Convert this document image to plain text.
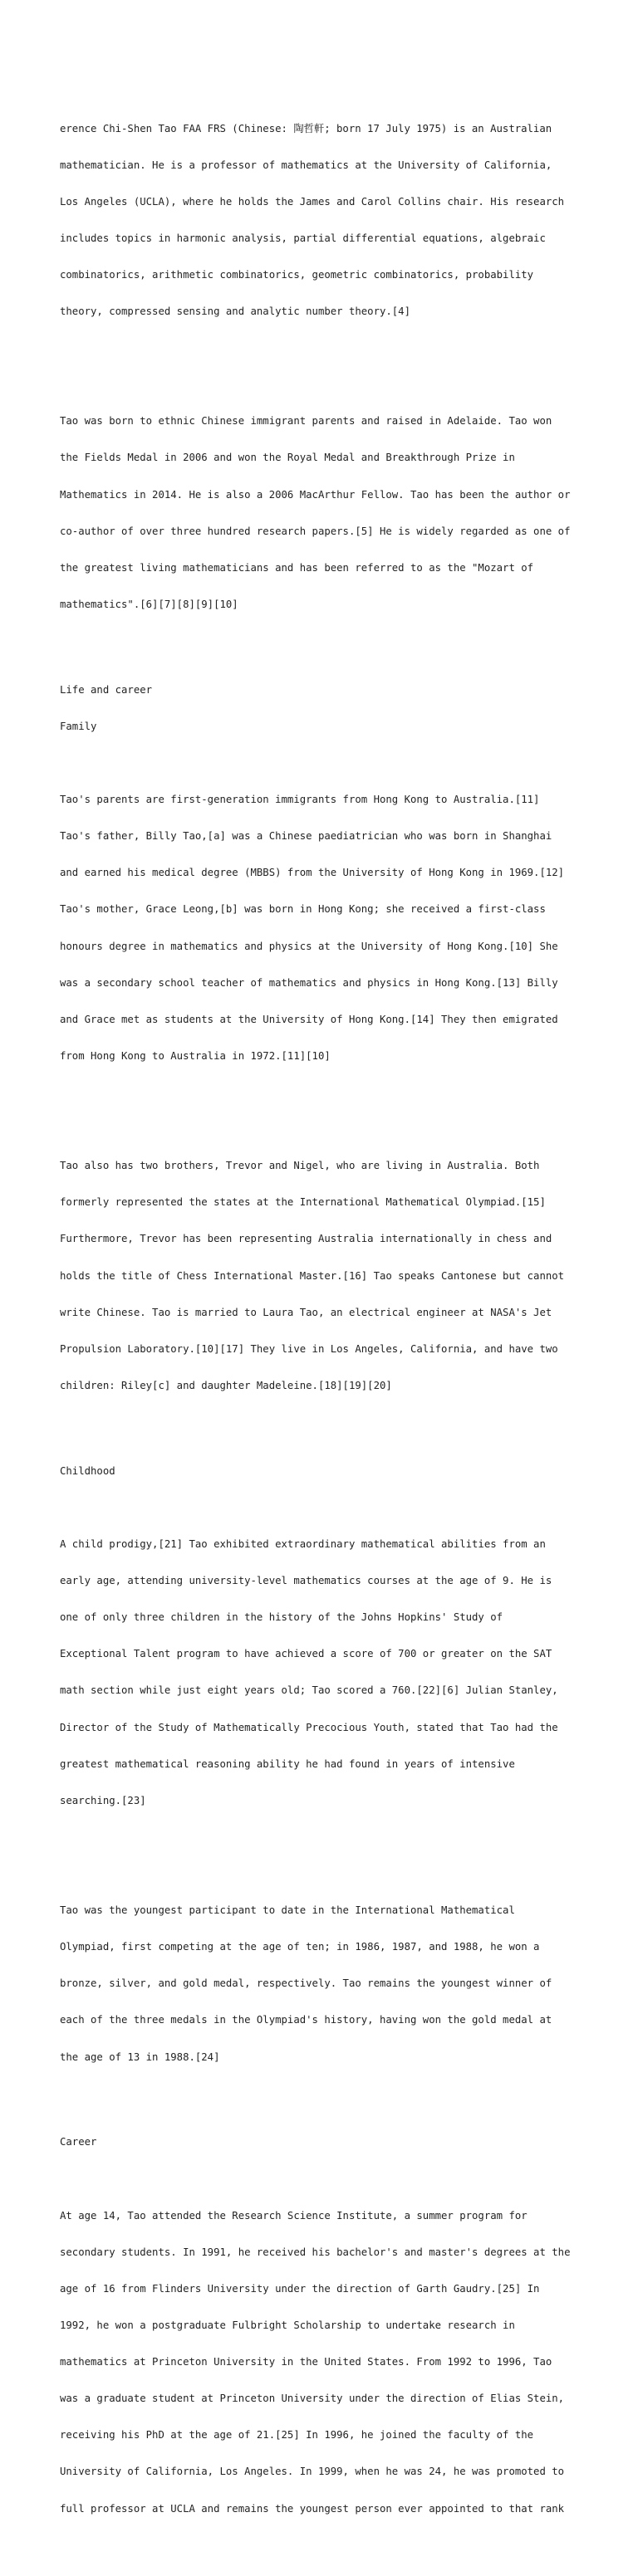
erence Chi-Shen Tao FAA FRS (Chinese: 陶哲軒; born 17 July 1975) is an Australian

mathematician. He is a professor of mathematics at the University of California,

Los Angeles (UCLA), where he holds the James and Carol Collins chair. His research

includes topics in harmonic analysis, partial differential equations, algebraic

combinatorics, arithmetic combinatorics, geometric combinatorics, probability

theory, compressed sensing and analytic number theory.[4]

Tao was born to ethnic Chinese immigrant parents and raised in Adelaide. Tao won

the Fields Medal in 2006 and won the Royal Medal and Breakthrough Prize in

Mathematics in 2014. He is also a 2006 MacArthur Fellow. Tao has been the author or

co-author of over three hundred research papers.[5] He is widely regarded as one of

the greatest living mathematicians and has been referred to as the "Mozart of

mathematics".[6][7][8][9][10]

Life and career

Family

Tao's parents are first-generation immigrants from Hong Kong to Australia.[11]

Tao's father, Billy Tao,[a] was a Chinese paediatrician who was born in Shanghai

and earned his medical degree (MBBS) from the University of Hong Kong in 1969.[12]

Tao's mother, Grace Leong,[b] was born in Hong Kong; she received a first-class

honours degree in mathematics and physics at the University of Hong Kong.[10] She

was a secondary school teacher of mathematics and physics in Hong Kong.[13] Billy

and Grace met as students at the University of Hong Kong.[14] They then emigrated

from Hong Kong to Australia in 1972.[11][10]

Tao also has two brothers, Trevor and Nigel, who are living in Australia. Both

formerly represented the states at the International Mathematical Olympiad.[15]

Furthermore, Trevor has been representing Australia internationally in chess and

holds the title of Chess International Master.[16] Tao speaks Cantonese but cannot

write Chinese. Tao is married to Laura Tao, an electrical engineer at NASA's Jet

Propulsion Laboratory.[10][17] They live in Los Angeles, California, and have two

children: Riley[c] and daughter Madeleine.[18][19][20]

Childhood

A child prodigy,[21] Tao exhibited extraordinary mathematical abilities from an

early age, attending university-level mathematics courses at the age of 9. He is

one of only three children in the history of the Johns Hopkins' Study of

Exceptional Talent program to have achieved a score of 700 or greater on the SAT

math section while just eight years old; Tao scored a 760.[22][6] Julian Stanley,

Director of the Study of Mathematically Precocious Youth, stated that Tao had the

greatest mathematical reasoning ability he had found in years of intensive

searching.[23]

Tao was the youngest participant to date in the International Mathematical

Olympiad, first competing at the age of ten; in 1986, 1987, and 1988, he won a

bronze, silver, and gold medal, respectively. Tao remains the youngest winner of

each of the three medals in the Olympiad's history, having won the gold medal at

the age of 13 in 1988.[24]

Career

At age 14, Tao attended the Research Science Institute, a summer program for

secondary students. In 1991, he received his bachelor's and master's degrees at the

age of 16 from Flinders University under the direction of Garth Gaudry.[25] In

1992, he won a postgraduate Fulbright Scholarship to undertake research in

mathematics at Princeton University in the United States. From 1992 to 1996, Tao

was a graduate student at Princeton University under the direction of Elias Stein,

receiving his PhD at the age of 21.[25] In 1996, he joined the faculty of the

University of California, Los Angeles. In 1999, when he was 24, he was promoted to

full professor at UCLA and remains the youngest person ever appointed to that rank
